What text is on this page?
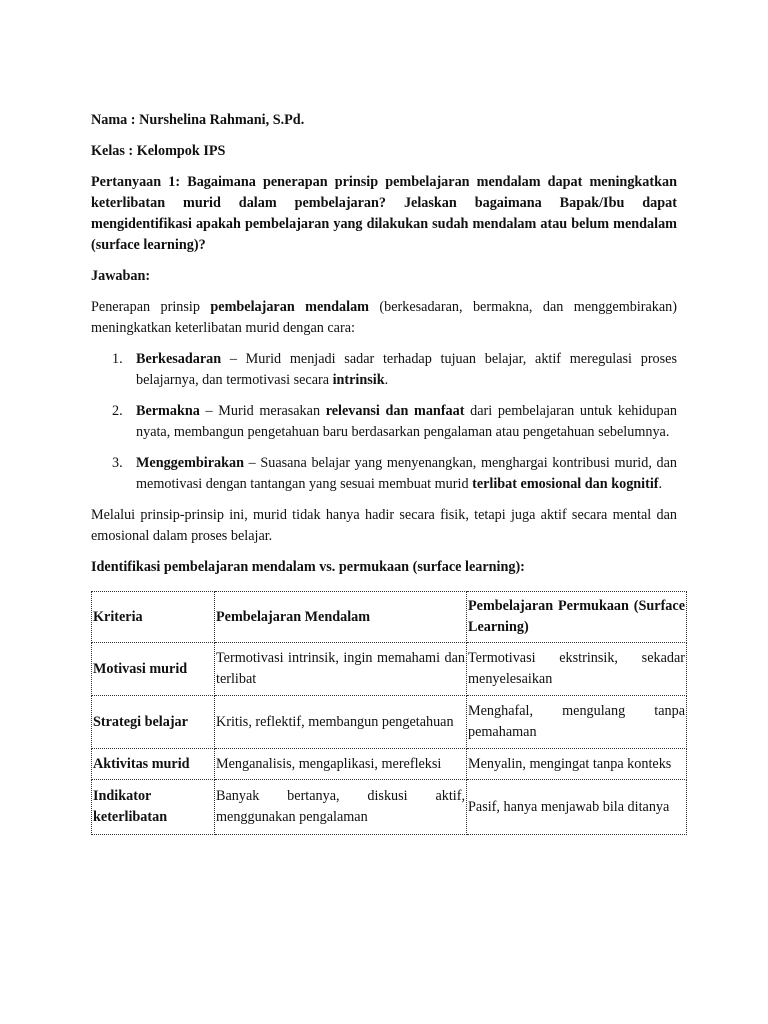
Nama : Nurshelina Rahmani, S.Pd.

Kelas : Kelompok IPS

Pertanyaan 1: Bagaimana penerapan prinsip pembelajaran mendalam dapat meningkatkan keterlibatan murid dalam pembelajaran? Jelaskan bagaimana Bapak/Ibu dapat mengidentifikasi apakah pembelajaran yang dilakukan sudah mendalam atau belum mendalam (surface learning)?

Jawaban:

Penerapan prinsip pembelajaran mendalam (berkesadaran, bermakna, dan menggembirakan) meningkatkan keterlibatan murid dengan cara:

1. Berkesadaran – Murid menjadi sadar terhadap tujuan belajar, aktif meregulasi proses belajarnya, dan termotivasi secara intrinsik.
2. Bermakna – Murid merasakan relevansi dan manfaat dari pembelajaran untuk kehidupan nyata, membangun pengetahuan baru berdasarkan pengalaman atau pengetahuan sebelumnya.
3. Menggembirakan – Suasana belajar yang menyenangkan, menghargai kontribusi murid, dan memotivasi dengan tantangan yang sesuai membuat murid terlibat emosional dan kognitif.

Melalui prinsip-prinsip ini, murid tidak hanya hadir secara fisik, tetapi juga aktif secara mental dan emosional dalam proses belajar.

Identifikasi pembelajaran mendalam vs. permukaan (surface learning):

Kriteria	Pembelajaran Mendalam	Pembelajaran Permukaan (Surface Learning)
Motivasi murid	Termotivasi intrinsik, ingin memahami dan terlibat	Termotivasi ekstrinsik, sekadar menyelesaikan
Strategi belajar	Kritis, reflektif, membangun pengetahuan	Menghafal, mengulang tanpa pemahaman
Aktivitas murid	Menganalisis, mengaplikasi, merefleksi	Menyalin, mengingat tanpa konteks
Indikator keterlibatan	Banyak bertanya, diskusi aktif, menggunakan pengalaman	Pasif, hanya menjawab bila ditanya
